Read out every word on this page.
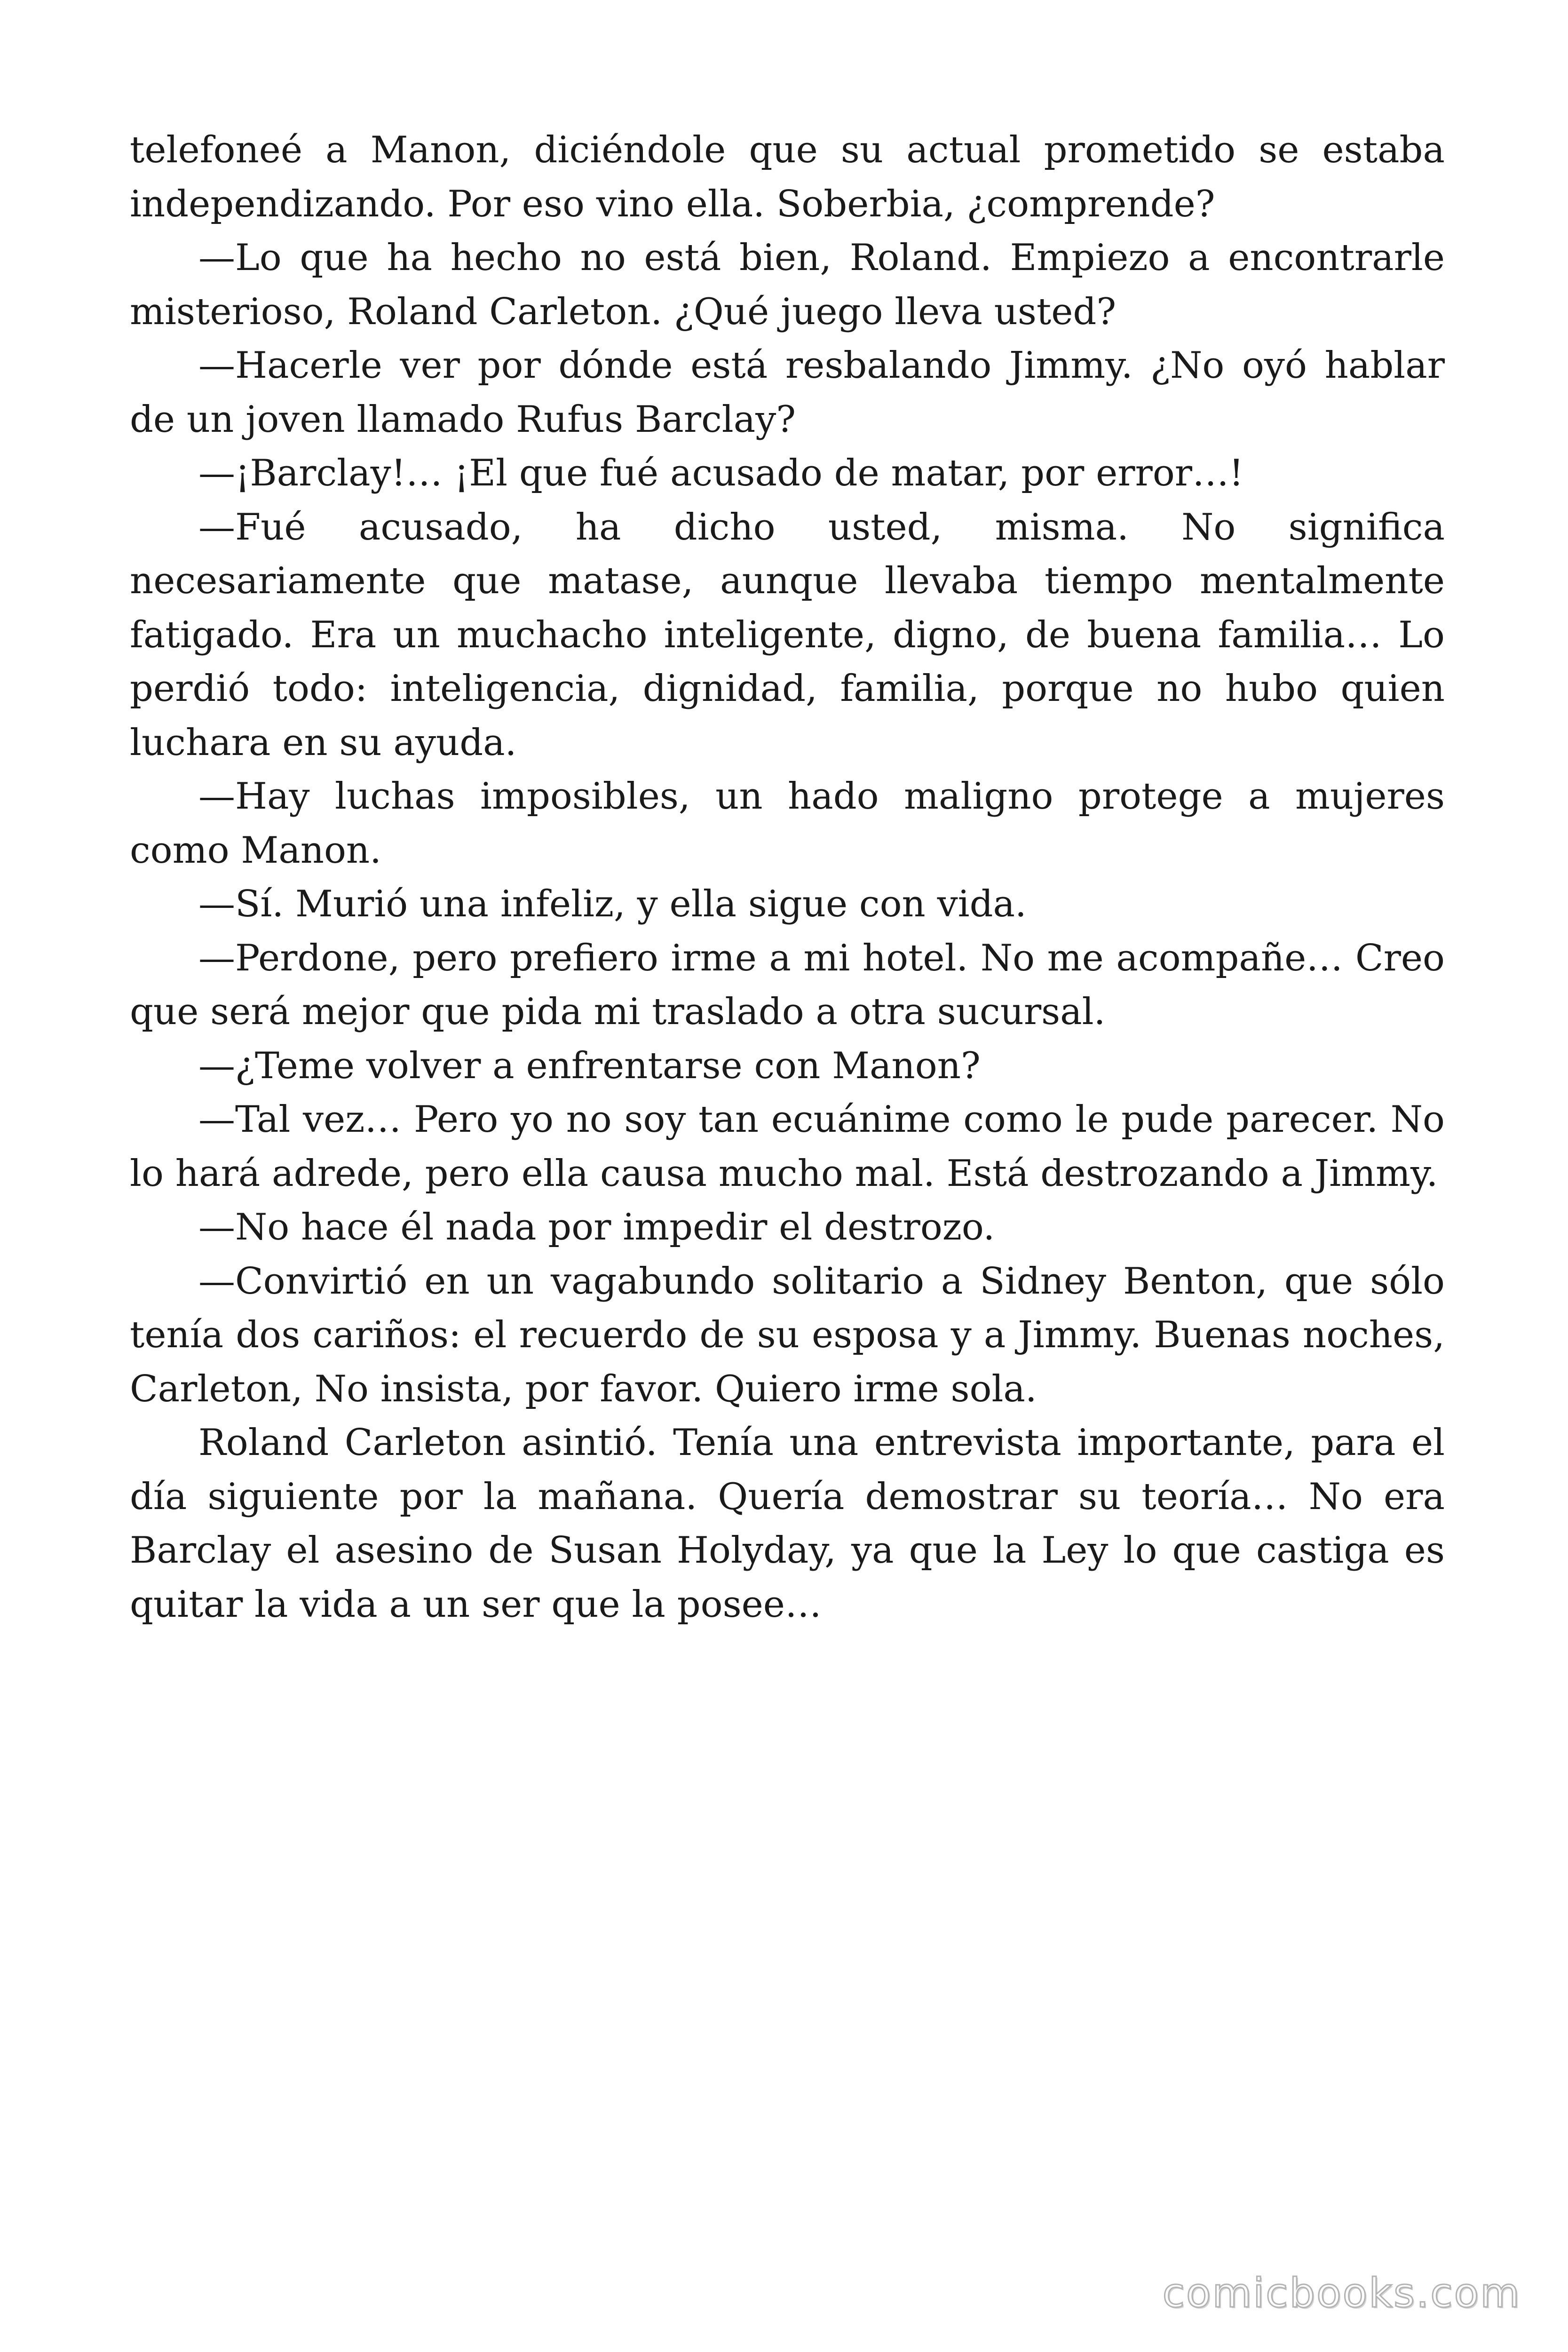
telefoneé a Manon, diciéndole que su actual prometido se estaba independizando. Por eso vino ella. Soberbia, ¿comprende?

—Lo que ha hecho no está bien, Roland. Empiezo a encontrarle misterioso, Roland Carleton. ¿Qué juego lleva usted?

—Hacerle ver por dónde está resbalando Jimmy. ¿No oyó hablar de un joven llamado Rufus Barclay?

—¡Barclay!… ¡El que fué acusado de matar, por error…!

—Fué acusado, ha dicho usted, misma. No significa necesariamente que matase, aunque llevaba tiempo mentalmente fatigado. Era un muchacho inteligente, digno, de buena familia… Lo perdió todo: inteligencia, dignidad, familia, porque no hubo quien luchara en su ayuda.

—Hay luchas imposibles, un hado maligno protege a mujeres como Manon.

—Sí. Murió una infeliz, y ella sigue con vida.

—Perdone, pero prefiero irme a mi hotel. No me acompañe… Creo que será mejor que pida mi traslado a otra sucursal.

—¿Teme volver a enfrentarse con Manon?

—Tal vez… Pero yo no soy tan ecuánime como le pude parecer. No lo hará adrede, pero ella causa mucho mal. Está destrozando a Jimmy.

—No hace él nada por impedir el destrozo.

—Convirtió en un vagabundo solitario a Sidney Benton, que sólo tenía dos cariños: el recuerdo de su esposa y a Jimmy. Buenas noches, Carleton, No insista, por favor. Quiero irme sola.

Roland Carleton asintió. Tenía una entrevista importante, para el día siguiente por la mañana. Quería demostrar su teoría… No era Barclay el asesino de Susan Holyday, ya que la Ley lo que castiga es quitar la vida a un ser que la posee…

comicbooks.com
